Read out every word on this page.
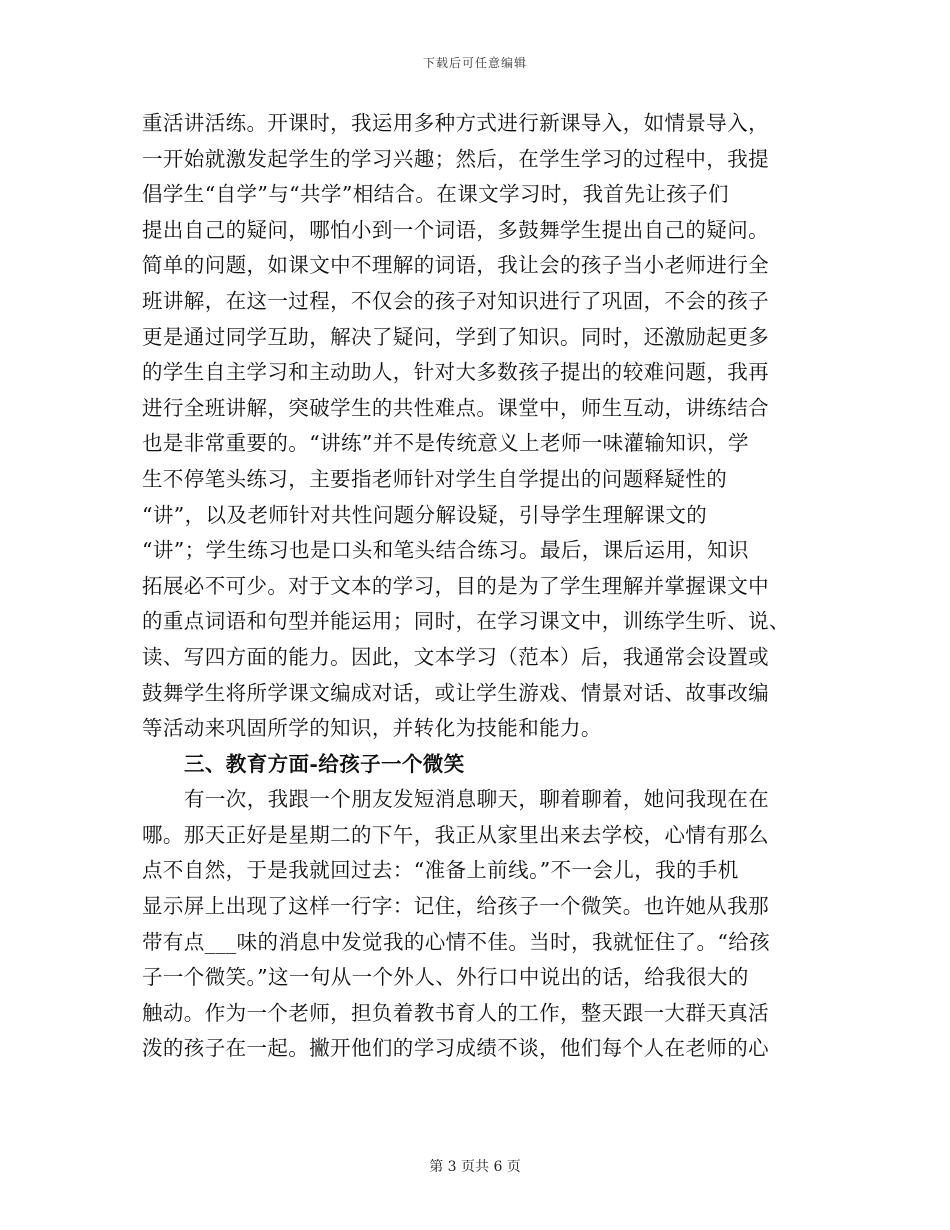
下载后可任意编辑
重活讲活练。开课时，我运用多种方式进行新课导入，如情景导入，
一开始就激发起学生的学习兴趣；然后，在学生学习的过程中，我提
倡学生“自学”与“共学”相结合。在课文学习时，我首先让孩子们
提出自己的疑问，哪怕小到一个词语，多鼓舞学生提出自己的疑问。
简单的问题，如课文中不理解的词语，我让会的孩子当小老师进行全
班讲解，在这一过程，不仅会的孩子对知识进行了巩固，不会的孩子
更是通过同学互助，解决了疑问，学到了知识。同时，还激励起更多
的学生自主学习和主动助人，针对大多数孩子提出的较难问题，我再
进行全班讲解，突破学生的共性难点。课堂中，师生互动，讲练结合
也是非常重要的。“讲练”并不是传统意义上老师一味灌输知识，学
生不停笔头练习，主要指老师针对学生自学提出的问题释疑性的
“讲”，以及老师针对共性问题分解设疑，引导学生理解课文的
“讲”；学生练习也是口头和笔头结合练习。最后，课后运用，知识
拓展必不可少。对于文本的学习，目的是为了学生理解并掌握课文中
的重点词语和句型并能运用；同时，在学习课文中，训练学生听、说、
读、写四方面的能力。因此，文本学习（范本）后，我通常会设置或
鼓舞学生将所学课文编成对话，或让学生游戏、情景对话、故事改编
等活动来巩固所学的知识，并转化为技能和能力。
三、教育方面-给孩子一个微笑
有一次，我跟一个朋友发短消息聊天，聊着聊着，她问我现在在
哪。那天正好是星期二的下午，我正从家里出来去学校，心情有那么
点不自然，于是我就回过去：“准备上前线。”不一会儿，我的手机
显示屏上出现了这样一行字：记住，给孩子一个微笑。也许她从我那
带有点___味的消息中发觉我的心情不佳。当时，我就怔住了。“给孩
子一个微笑。”这一句从一个外人、外行口中说出的话，给我很大的
触动。作为一个老师，担负着教书育人的工作，整天跟一大群天真活
泼的孩子在一起。撇开他们的学习成绩不谈，他们每个人在老师的心
第 3 页共 6 页
